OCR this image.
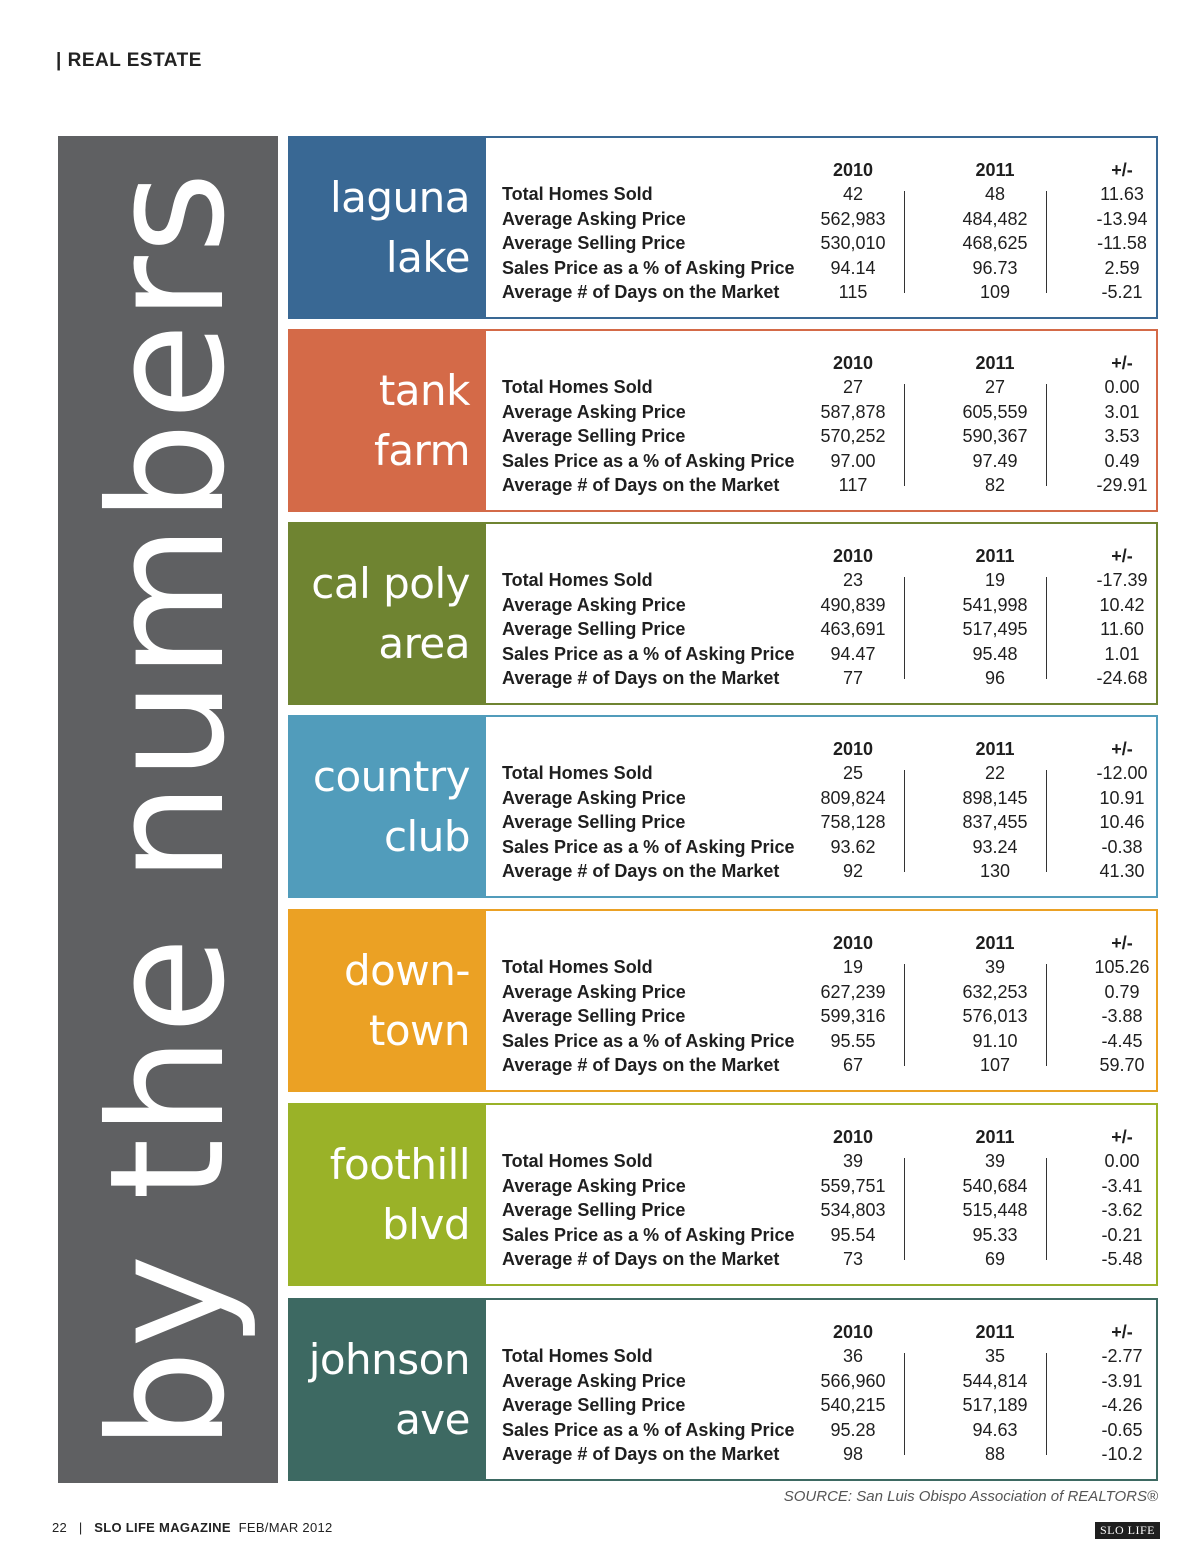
| REAL ESTATE
by the numbers laguna
lake
2010	2011	+/-
Total Homes Sold	42	48	11.63
Average Asking Price	562,983	484,482	-13.94
Average Selling Price	530,010	468,625	-11.58
Sales Price as a % of Asking Price	94.14	96.73	2.59
Average # of Days on the Market	115	109	-5.21
tank
farm
2010	2011	+/-
Total Homes Sold	27	27	0.00
Average Asking Price	587,878	605,559	3.01
Average Selling Price	570,252	590,367	3.53
Sales Price as a % of Asking Price	97.00	97.49	0.49
Average # of Days on the Market	117	82	-29.91
cal poly
area
2010	2011	+/-
Total Homes Sold	23	19	-17.39
Average Asking Price	490,839	541,998	10.42
Average Selling Price	463,691	517,495	11.60
Sales Price as a % of Asking Price	94.47	95.48	1.01
Average # of Days on the Market	77	96	-24.68
country
club
2010	2011	+/-
Total Homes Sold	25	22	-12.00
Average Asking Price	809,824	898,145	10.91
Average Selling Price	758,128	837,455	10.46
Sales Price as a % of Asking Price	93.62	93.24	-0.38
Average # of Days on the Market	92	130	41.30
down-
town
2010	2011	+/-
Total Homes Sold	19	39	105.26
Average Asking Price	627,239	632,253	0.79
Average Selling Price	599,316	576,013	-3.88
Sales Price as a % of Asking Price	95.55	91.10	-4.45
Average # of Days on the Market	67	107	59.70
foothill
blvd
2010	2011	+/-
Total Homes Sold	39	39	0.00
Average Asking Price	559,751	540,684	-3.41
Average Selling Price	534,803	515,448	-3.62
Sales Price as a % of Asking Price	95.54	95.33	-0.21
Average # of Days on the Market	73	69	-5.48
johnson
ave
2010	2011	+/-
Total Homes Sold	36	35	-2.77
Average Asking Price	566,960	544,814	-3.91
Average Selling Price	540,215	517,189	-4.26
Sales Price as a % of Asking Price	95.28	94.63	-0.65
Average # of Days on the Market	98	88	-10.2
SOURCE: San Luis Obispo Association of REALTORS®
22 | SLO LIFE MAGAZINE FEB/MAR 2012	SLO LIFE
